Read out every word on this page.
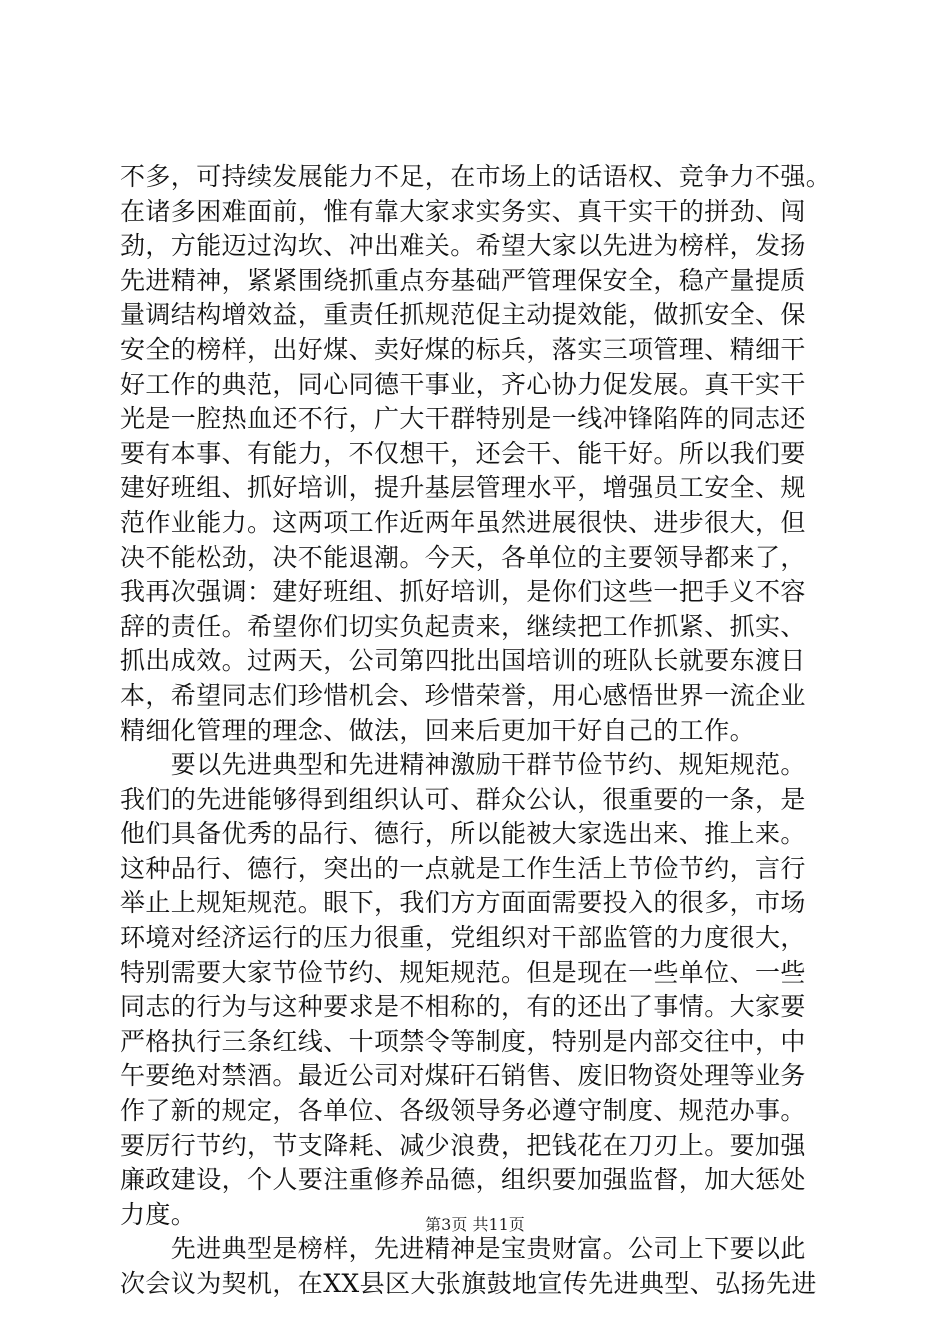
不多，可持续发展能力不足，在市场上的话语权、竞争力不强。
在诸多困难面前，惟有靠大家求实务实、真干实干的拼劲、闯
劲，方能迈过沟坎、冲出难关。希望大家以先进为榜样，发扬
先进精神，紧紧围绕抓重点夯基础严管理保安全，稳产量提质
量调结构增效益，重责任抓规范促主动提效能，做抓安全、保
安全的榜样，出好煤、卖好煤的标兵，落实三项管理、精细干
好工作的典范，同心同德干事业，齐心协力促发展。真干实干
光是一腔热血还不行，广大干群特别是一线冲锋陷阵的同志还
要有本事、有能力，不仅想干，还会干、能干好。所以我们要
建好班组、抓好培训，提升基层管理水平，增强员工安全、规
范作业能力。这两项工作近两年虽然进展很快、进步很大，但
决不能松劲，决不能退潮。今天，各单位的主要领导都来了，
我再次强调：建好班组、抓好培训，是你们这些一把手义不容
辞的责任。希望你们切实负起责来，继续把工作抓紧、抓实、
抓出成效。过两天，公司第四批出国培训的班队长就要东渡日
本，希望同志们珍惜机会、珍惜荣誉，用心感悟世界一流企业
精细化管理的理念、做法，回来后更加干好自己的工作。
　　要以先进典型和先进精神激励干群节俭节约、规矩规范。
我们的先进能够得到组织认可、群众公认，很重要的一条，是
他们具备优秀的品行、德行，所以能被大家选出来、推上来。
这种品行、德行，突出的一点就是工作生活上节俭节约，言行
举止上规矩规范。眼下，我们方方面面需要投入的很多，市场
环境对经济运行的压力很重，党组织对干部监管的力度很大，
特别需要大家节俭节约、规矩规范。但是现在一些单位、一些
同志的行为与这种要求是不相称的，有的还出了事情。大家要
严格执行三条红线、十项禁令等制度，特别是内部交往中，中
午要绝对禁酒。最近公司对煤矸石销售、废旧物资处理等业务
作了新的规定，各单位、各级领导务必遵守制度、规范办事。
要厉行节约，节支降耗、减少浪费，把钱花在刀刃上。要加强
廉政建设，个人要注重修养品德，组织要加强监督，加大惩处
力度。
　　先进典型是榜样，先进精神是宝贵财富。公司上下要以此
次会议为契机，在XX县区大张旗鼓地宣传先进典型、弘扬先进
第3页 共11页
